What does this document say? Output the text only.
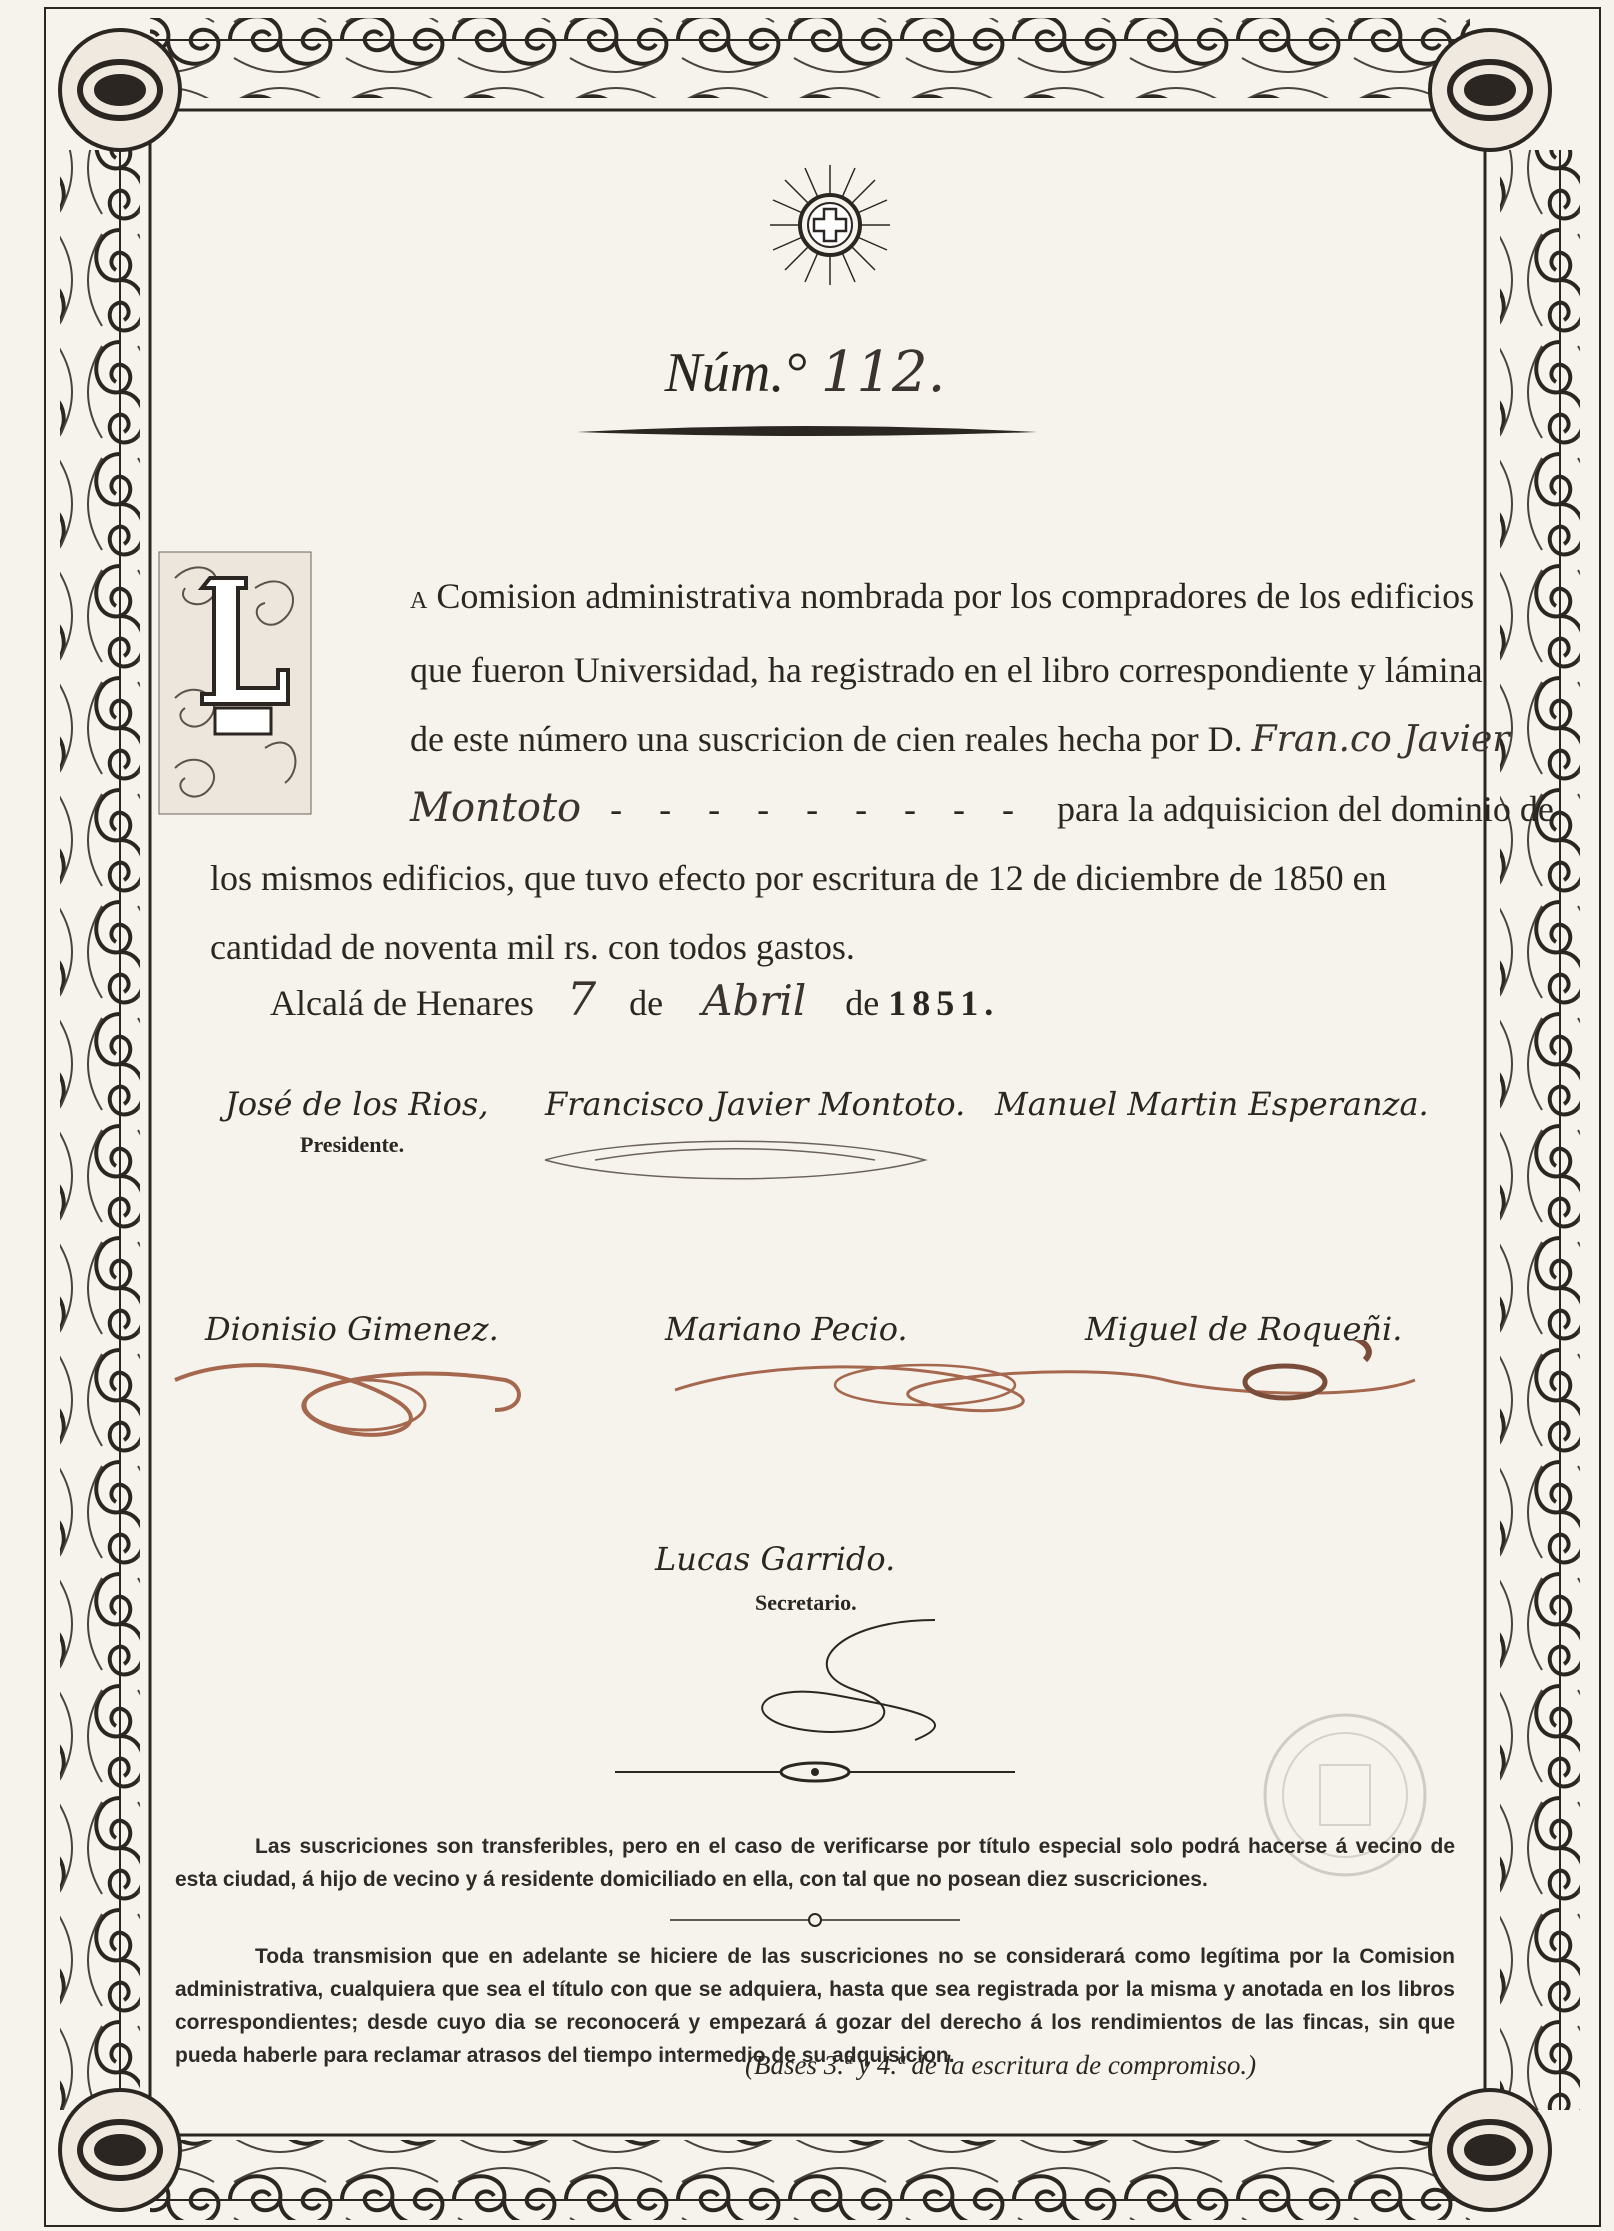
Núm.° 112.
A Comision administrativa nombrada por los compradores de los edificios
que fueron Universidad, ha registrado en el libro correspondiente y lámina
de este número una suscricion de cien reales hecha por D. Fran.co Javier
Montoto - - - - - - - - - para la adquisicion del dominio de
los mismos edificios, que tuvo efecto por escritura de 12 de diciembre de 1850 en
cantidad de noventa mil rs. con todos gastos.
Alcalá de Henares 7 de Abril de 1851.
José de los Rios,
Presidente.
Francisco Javier Montoto. Manuel Martin Esperanza.
Dionisio Gimenez.	Mariano Pecio.	Miguel de Roqueñi.
Lucas Garrido.
Secretario.
Las suscriciones son transferibles, pero en el caso de verificarse por título especial solo podrá hacerse á vecino de esta ciudad, á hijo de vecino y á residente domiciliado en ella, con tal que no posean diez suscriciones.
Toda transmision que en adelante se hiciere de las suscriciones no se considerará como legítima por la Comision administrativa, cualquiera que sea el título con que se adquiera, hasta que sea registrada por la misma y anotada en los libros correspondientes; desde cuyo dia se reconocerá y empezará á gozar del derecho á los rendimientos de las fincas, sin que pueda haberle para reclamar atrasos del tiempo intermedio de su adquisicion.
(Bases 3.ª y 4.ª de la escritura de compromiso.)
